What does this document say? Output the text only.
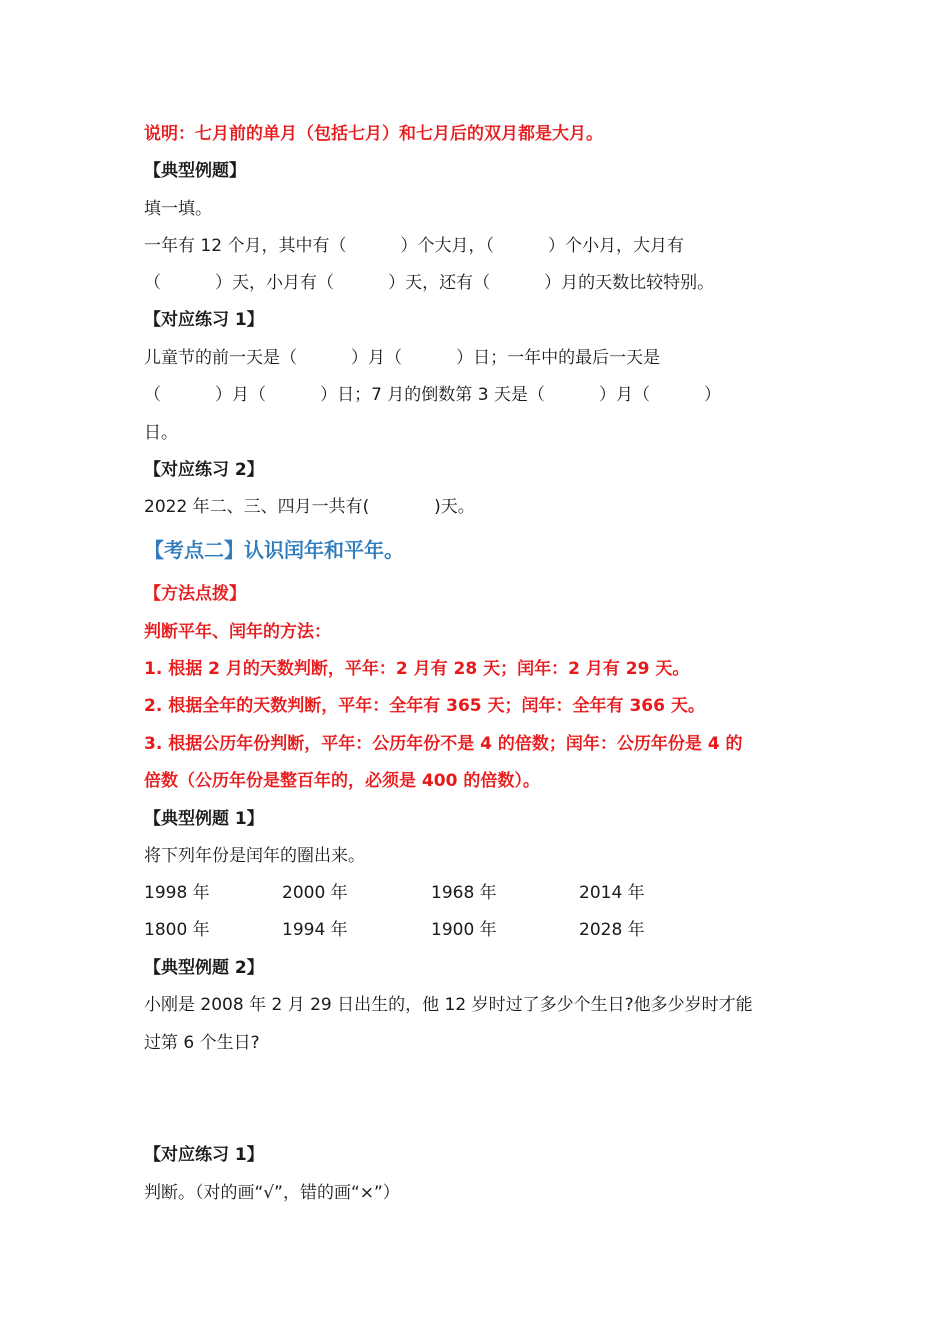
说明：七月前的单月（包括七月）和七月后的双月都是大月。
【典型例题】
填一填。
一年有 12 个月，其中有（          ）个大月，（          ）个小月，大月有
（          ）天，小月有（          ）天，还有（          ）月的天数比较特别。
【对应练习 1】
儿童节的前一天是（          ）月（          ）日；一年中的最后一天是
（          ）月（          ）日；7 月的倒数第 3 天是（          ）月（          ）
日。
【对应练习 2】
2022 年二、三、四月一共有(            )天。
【考点二】认识闰年和平年。
【方法点拨】
判断平年、闰年的方法：
1. 根据 2 月的天数判断，平年：2 月有 28 天；闰年：2 月有 29 天。
2. 根据全年的天数判断，平年：全年有 365 天；闰年：全年有 366 天。
3. 根据公历年份判断，平年：公历年份不是 4 的倍数；闰年：公历年份是 4 的
倍数（公历年份是整百年的，必须是 400 的倍数）。
【典型例题 1】
将下列年份是闰年的圈出来。
1998 年	2000 年	1968 年	2014 年
1800 年	1994 年	1900 年	2028 年
【典型例题 2】
小刚是 2008 年 2 月 29 日出生的，他 12 岁时过了多少个生日?他多少岁时才能
过第 6 个生日?
【对应练习 1】
判断。（对的画“√”，错的画“×”）
